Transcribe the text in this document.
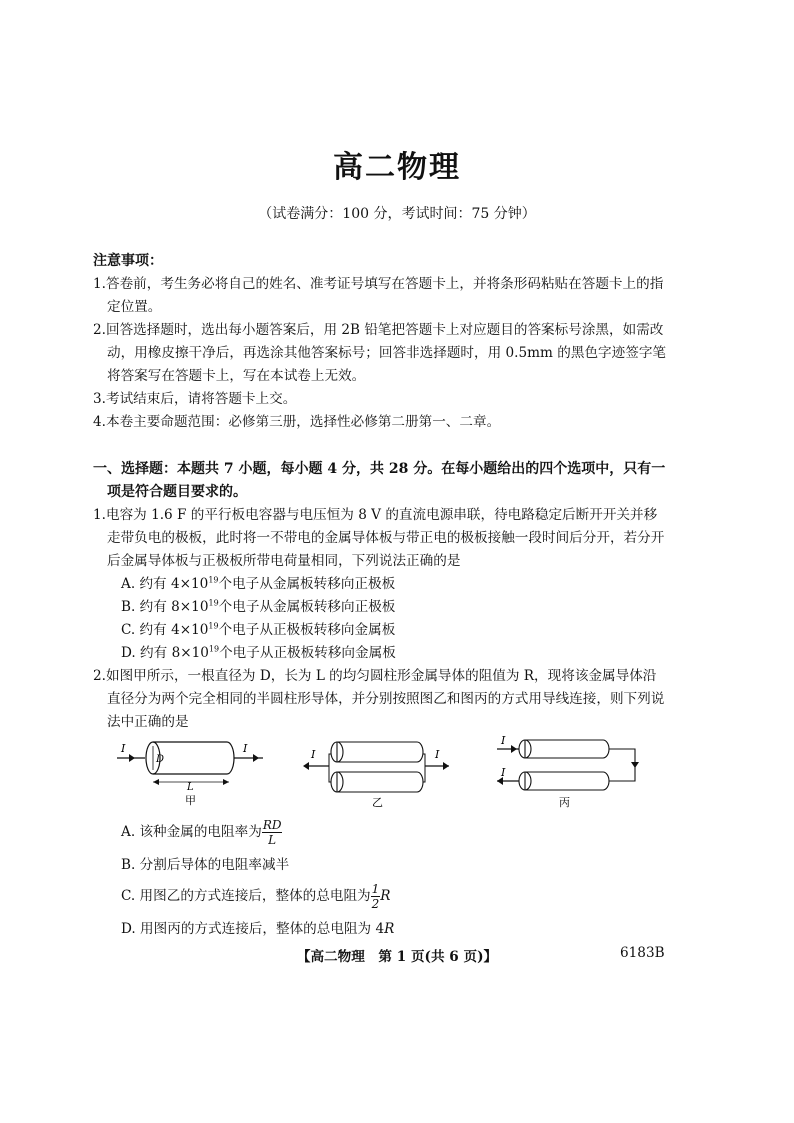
高二物理
（试卷满分：100 分，考试时间：75 分钟）
注意事项：
1.答卷前，考生务必将自己的姓名、准考证号填写在答题卡上，并将条形码粘贴在答题卡上的指定位置。
2.回答选择题时，选出每小题答案后，用 2B 铅笔把答题卡上对应题目的答案标号涂黑，如需改动，用橡皮擦干净后，再选涂其他答案标号；回答非选择题时，用 0.5mm 的黑色字迹签字笔将答案写在答题卡上，写在本试卷上无效。
3.考试结束后，请将答题卡上交。
4.本卷主要命题范围：必修第三册，选择性必修第二册第一、二章。
一、选择题：本题共 7 小题，每小题 4 分，共 28 分。在每小题给出的四个选项中，只有一项是符合题目要求的。
1.电容为 1.6 F 的平行板电容器与电压恒为 8 V 的直流电源串联，待电路稳定后断开开关并移走带负电的极板，此时将一不带电的金属导体板与带正电的极板接触一段时间后分开，若分开后金属导体板与正极板所带电荷量相同，下列说法正确的是
A. 约有 $4\times 10^{19}$个电子从金属板转移向正极板
B. 约有 $8\times 10^{19}$个电子从金属板转移向正极板
C. 约有 $4\times 10^{19}$个电子从正极板转移向金属板
D. 约有 $8\times 10^{19}$个电子从正极板转移向金属板
2.如图甲所示，一根直径为 D，长为 L 的均匀圆柱形金属导体的阻值为 R，现将该金属导体沿直径分为两个完全相同的半圆柱形导体，并分别按照图乙和图丙的方式用导线连接，则下列说法中正确的是
I
D
I
L
甲
I	I
乙
I
I
丙
A. 该种金属的电阻率为 $\frac{RD}{L}$
B. 分割后导体的电阻率减半
C. 用图乙的方式连接后，整体的总电阻为 $\frac{1}{2}$ R
D. 用图丙的方式连接后，整体的总电阻为 4R
【高二物理　第 1 页(共 6 页)】	6183B
